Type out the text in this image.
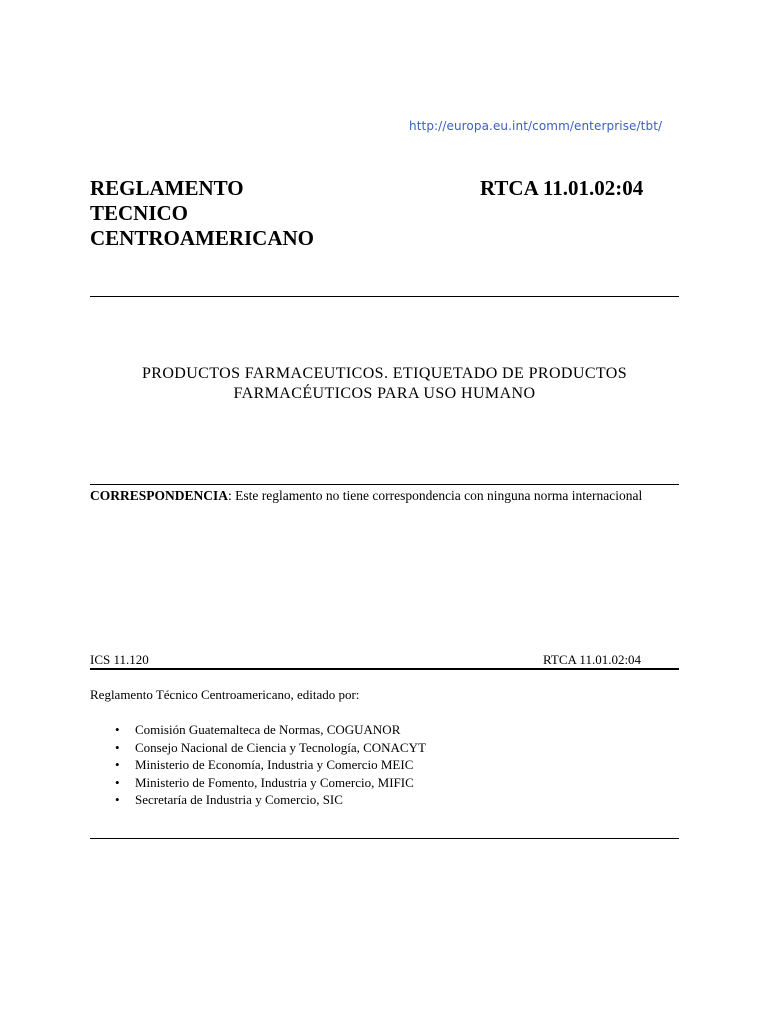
http://europa.eu.int/comm/enterprise/tbt/
REGLAMENTO
TECNICO
CENTROAMERICANO
RTCA 11.01.02:04
PRODUCTOS FARMACEUTICOS. ETIQUETADO DE PRODUCTOS
FARMACÉUTICOS PARA USO HUMANO
CORRESPONDENCIA: Este reglamento no tiene correspondencia con ninguna norma internacional
ICS 11.120	RTCA 11.01.02:04
Reglamento Técnico Centroamericano, editado por:
• Comisión Guatemalteca de Normas, COGUANOR
• Consejo Nacional de Ciencia y Tecnología, CONACYT
• Ministerio de Economía, Industria y Comercio MEIC
• Ministerio de Fomento, Industria y Comercio, MIFIC
• Secretaría de Industria y Comercio, SIC
